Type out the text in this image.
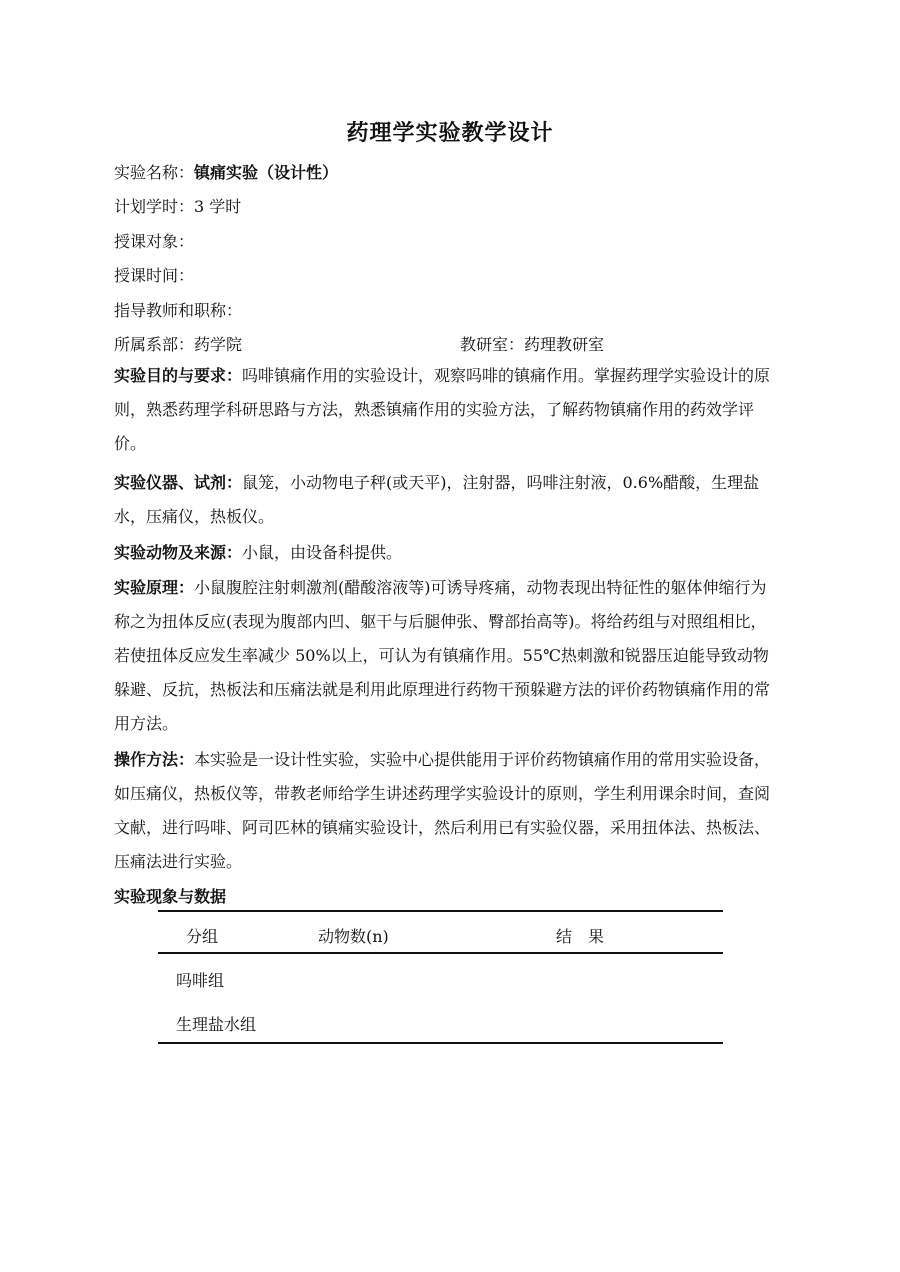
药理学实验教学设计
实验名称：镇痛实验（设计性）
计划学时：3 学时
授课对象：
授课时间：
指导教师和职称：
所属系部：药学院	教研室：药理教研室

实验目的与要求：吗啡镇痛作用的实验设计，观察吗啡的镇痛作用。掌握药理学实验设计的原则，熟悉药理学科研思路与方法，熟悉镇痛作用的实验方法，了解药物镇痛作用的药效学评价。

实验仪器、试剂：鼠笼，小动物电子秤(或天平)，注射器，吗啡注射液，0.6%醋酸，生理盐水，压痛仪，热板仪。

实验动物及来源：小鼠，由设备科提供。

实验原理：小鼠腹腔注射刺激剂(醋酸溶液等)可诱导疼痛，动物表现出特征性的躯体伸缩行为称之为扭体反应(表现为腹部内凹、躯干与后腿伸张、臀部抬高等)。将给药组与对照组相比，若使扭体反应发生率减少 50%以上，可认为有镇痛作用。55℃热刺激和锐器压迫能导致动物躲避、反抗，热板法和压痛法就是利用此原理进行药物干预躲避方法的评价药物镇痛作用的常用方法。

操作方法：本实验是一设计性实验，实验中心提供能用于评价药物镇痛作用的常用实验设备，如压痛仪，热板仪等，带教老师给学生讲述药理学实验设计的原则，学生利用课余时间，查阅文献，进行吗啡、阿司匹林的镇痛实验设计，然后利用已有实验仪器，采用扭体法、热板法、压痛法进行实验。

实验现象与数据
分组	动物数(n)	结　果
吗啡组
生理盐水组
